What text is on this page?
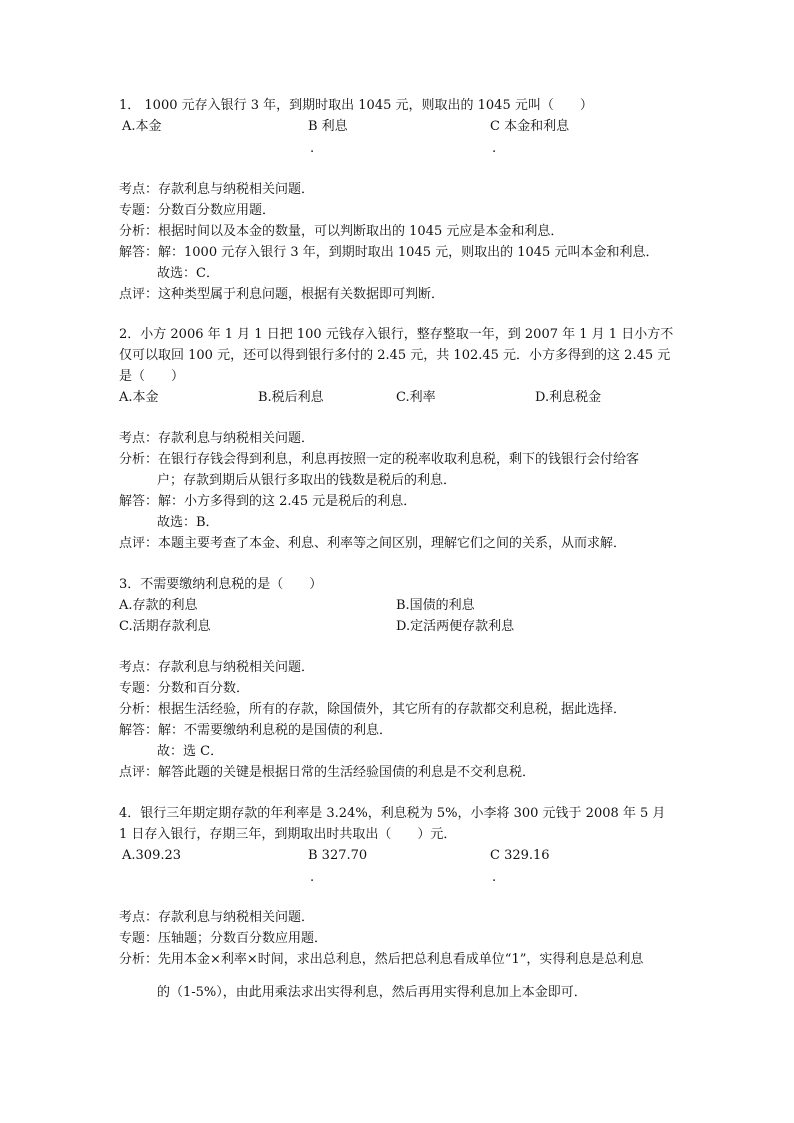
1． 1000 元存入银行 3 年，到期时取出 1045 元，则取出的 1045 元叫（　　）
A.本金	B 利息	C 本金和利息
.	.
考点：存款利息与纳税相关问题．
专题：分数百分数应用题．
分析：根据时间以及本金的数量，可以判断取出的 1045 元应是本金和利息．
解答：解：1000 元存入银行 3 年，到期时取出 1045 元，则取出的 1045 元叫本金和利息．
故选：C．
点评：这种类型属于利息问题，根据有关数据即可判断．
2．小方 2006 年 1 月 1 日把 100 元钱存入银行，整存整取一年，到 2007 年 1 月 1 日小方不
仅可以取回 100 元，还可以得到银行多付的 2.45 元，共 102.45 元．小方多得到的这 2.45 元
是（　　）
A.本金	B.税后利息	C.利率	D.利息税金
考点：存款利息与纳税相关问题．
分析：在银行存钱会得到利息，利息再按照一定的税率收取利息税，剩下的钱银行会付给客
户；存款到期后从银行多取出的钱数是税后的利息．
解答：解：小方多得到的这 2.45 元是税后的利息．
故选：B．
点评：本题主要考查了本金、利息、利率等之间区别，理解它们之间的关系，从而求解．
3．不需要缴纳利息税的是（　　）
A.存款的利息	B.国债的利息
C.活期存款利息	D.定活两便存款利息
考点：存款利息与纳税相关问题．
专题：分数和百分数．
分析：根据生活经验，所有的存款，除国债外，其它所有的存款都交利息税，据此选择．
解答：解：不需要缴纳利息税的是国债的利息．
故：选 C．
点评：解答此题的关键是根据日常的生活经验国债的利息是不交利息税．
4．银行三年期定期存款的年利率是 3.24%，利息税为 5%，小李将 300 元钱于 2008 年 5 月
1 日存入银行，存期三年，到期取出时共取出（　　）元．
A.309.23	B 327.70	C 329.16
.	.
考点：存款利息与纳税相关问题．
专题：压轴题；分数百分数应用题．
分析：先用本金×利率×时间，求出总利息，然后把总利息看成单位“1”，实得利息是总利息
的（1-5%），由此用乘法求出实得利息，然后再用实得利息加上本金即可．
